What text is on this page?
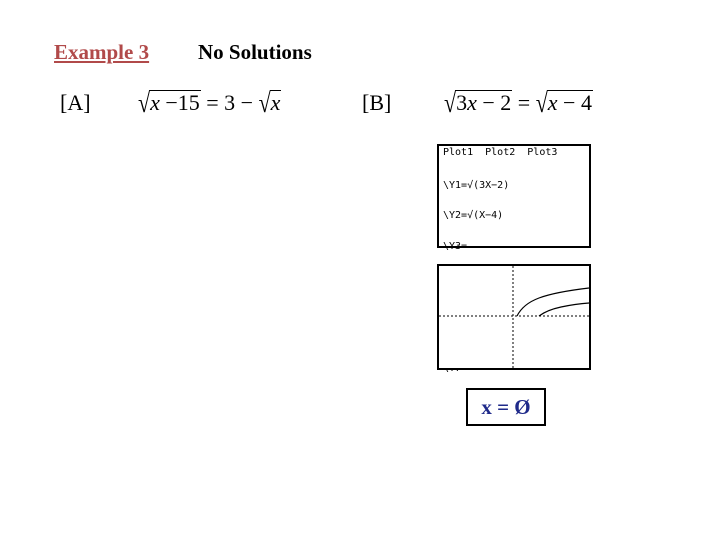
Example 3 No Solutions
[A] √x −15 = 3 − √x	[B] √3x − 2 = √x − 4
Plot1  Plot2  Plot3

\Y1=√(3X−2)

\Y2=√(X−4)

\Y3=

x = Ø
